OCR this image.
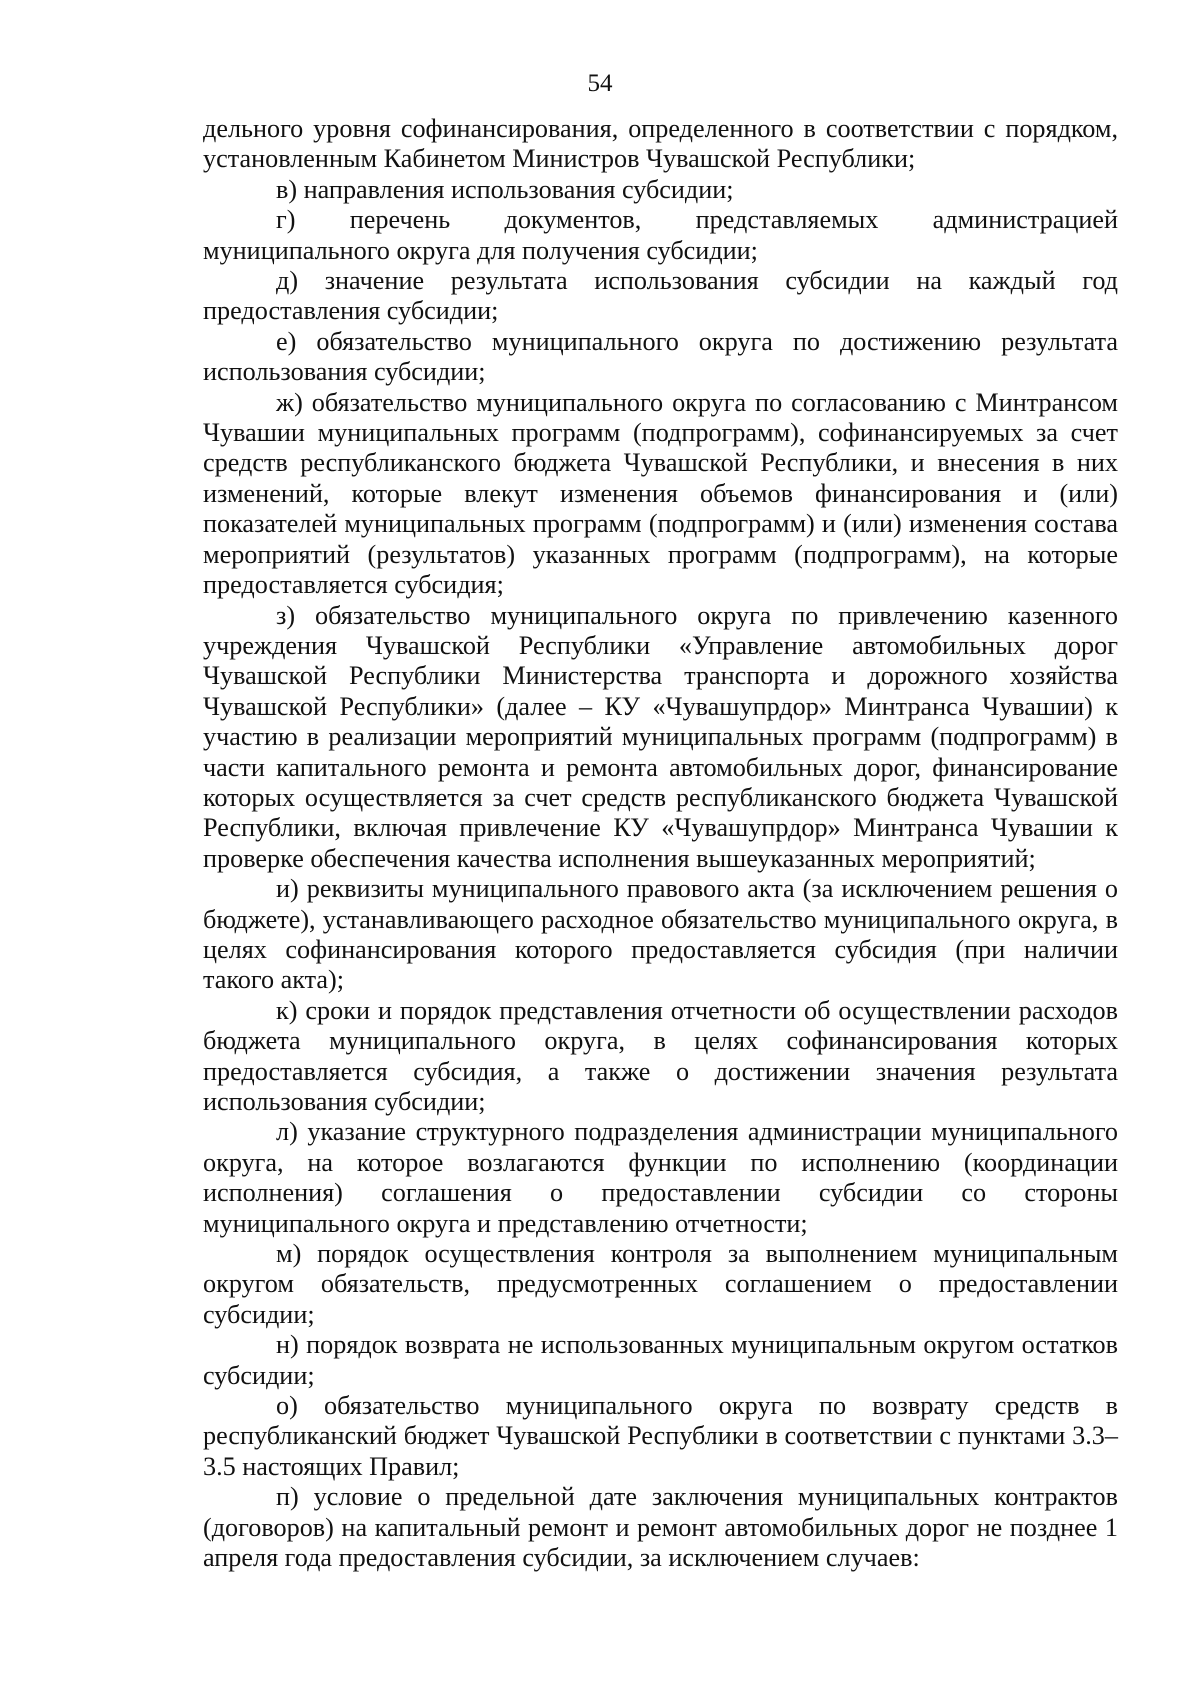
54

дельного уровня софинансирования, определенного в соответствии с порядком, установленным Кабинетом Министров Чувашской Республики;

в) направления использования субсидии;

г) перечень документов, представляемых администрацией муниципального округа для получения субсидии;

д) значение результата использования субсидии на каждый год предоставления субсидии;

е) обязательство муниципального округа по достижению результата использования субсидии;

ж) обязательство муниципального округа по согласованию с Минтрансом Чувашии муниципальных программ (подпрограмм), софинансируемых за счет средств республиканского бюджета Чувашской Республики, и внесения в них изменений, которые влекут изменения объемов финансирования и (или) показателей муниципальных программ (подпрограмм) и (или) изменения состава мероприятий (результатов) указанных программ (подпрограмм), на которые предоставляется субсидия;

з) обязательство муниципального округа по привлечению казенного учреждения Чувашской Республики «Управление автомобильных дорог Чувашской Республики Министерства транспорта и дорожного хозяйства Чувашской Республики» (далее – КУ «Чувашупрдор» Минтранса Чувашии) к участию в реализации мероприятий муниципальных программ (подпрограмм) в части капитального ремонта и ремонта автомобильных дорог, финансирование которых осуществляется за счет средств республиканского бюджета Чувашской Республики, включая привлечение КУ «Чувашупрдор» Минтранса Чувашии к проверке обеспечения качества исполнения вышеуказанных мероприятий;

и) реквизиты муниципального правового акта (за исключением решения о бюджете), устанавливающего расходное обязательство муниципального округа, в целях софинансирования которого предоставляется субсидия (при наличии такого акта);

к) сроки и порядок представления отчетности об осуществлении расходов бюджета муниципального округа, в целях софинансирования которых предоставляется субсидия, а также о достижении значения результата использования субсидии;

л) указание структурного подразделения администрации муниципального округа, на которое возлагаются функции по исполнению (координации исполнения) соглашения о предоставлении субсидии со стороны муниципального округа и представлению отчетности;

м) порядок осуществления контроля за выполнением муниципальным округом обязательств, предусмотренных соглашением о предоставлении субсидии;

н) порядок возврата не использованных муниципальным округом остатков субсидии;

о) обязательство муниципального округа по возврату средств в республиканский бюджет Чувашской Республики в соответствии с пунктами 3.3–3.5 настоящих Правил;

п) условие о предельной дате заключения муниципальных контрактов (договоров) на капитальный ремонт и ремонт автомобильных дорог не позднее 1 апреля года предоставления субсидии, за исключением случаев:
